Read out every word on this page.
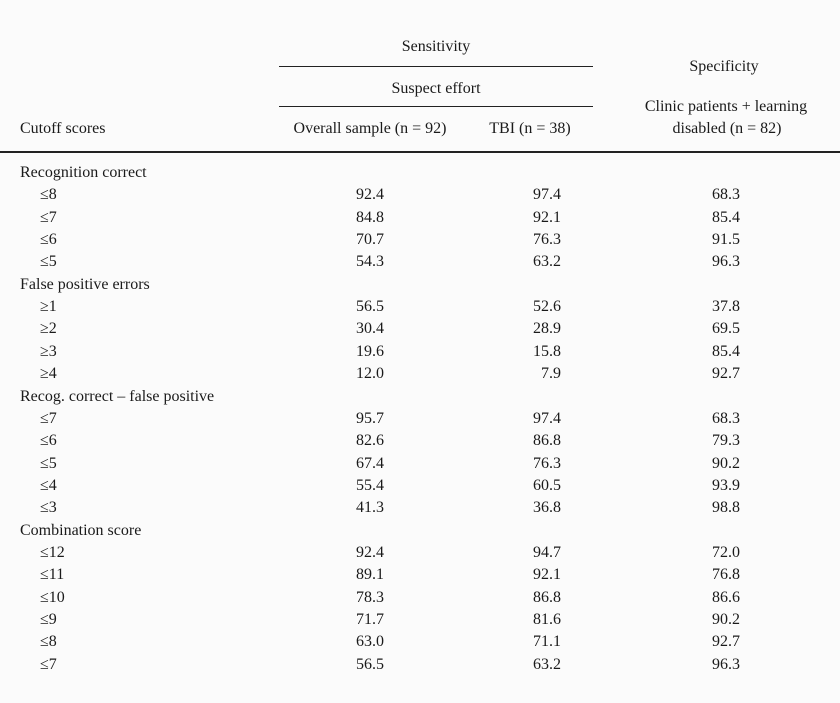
Sensitivity
Suspect effort
Specificity
Clinic patients + learning
disabled (n = 82)
Cutoff scores	Overall sample (n = 92)	TBI (n = 38)
Recognition correct
≤8	92.4	97.4	68.3
≤7	84.8	92.1	85.4
≤6	70.7	76.3	91.5
≤5	54.3	63.2	96.3
False positive errors
≥1	56.5	52.6	37.8
≥2	30.4	28.9	69.5
≥3	19.6	15.8	85.4
≥4	12.0	7.9	92.7
Recog. correct – false positive
≤7	95.7	97.4	68.3
≤6	82.6	86.8	79.3
≤5	67.4	76.3	90.2
≤4	55.4	60.5	93.9
≤3	41.3	36.8	98.8
Combination score
≤12	92.4	94.7	72.0
≤11	89.1	92.1	76.8
≤10	78.3	86.8	86.6
≤9	71.7	81.6	90.2
≤8	63.0	71.1	92.7
≤7	56.5	63.2	96.3
